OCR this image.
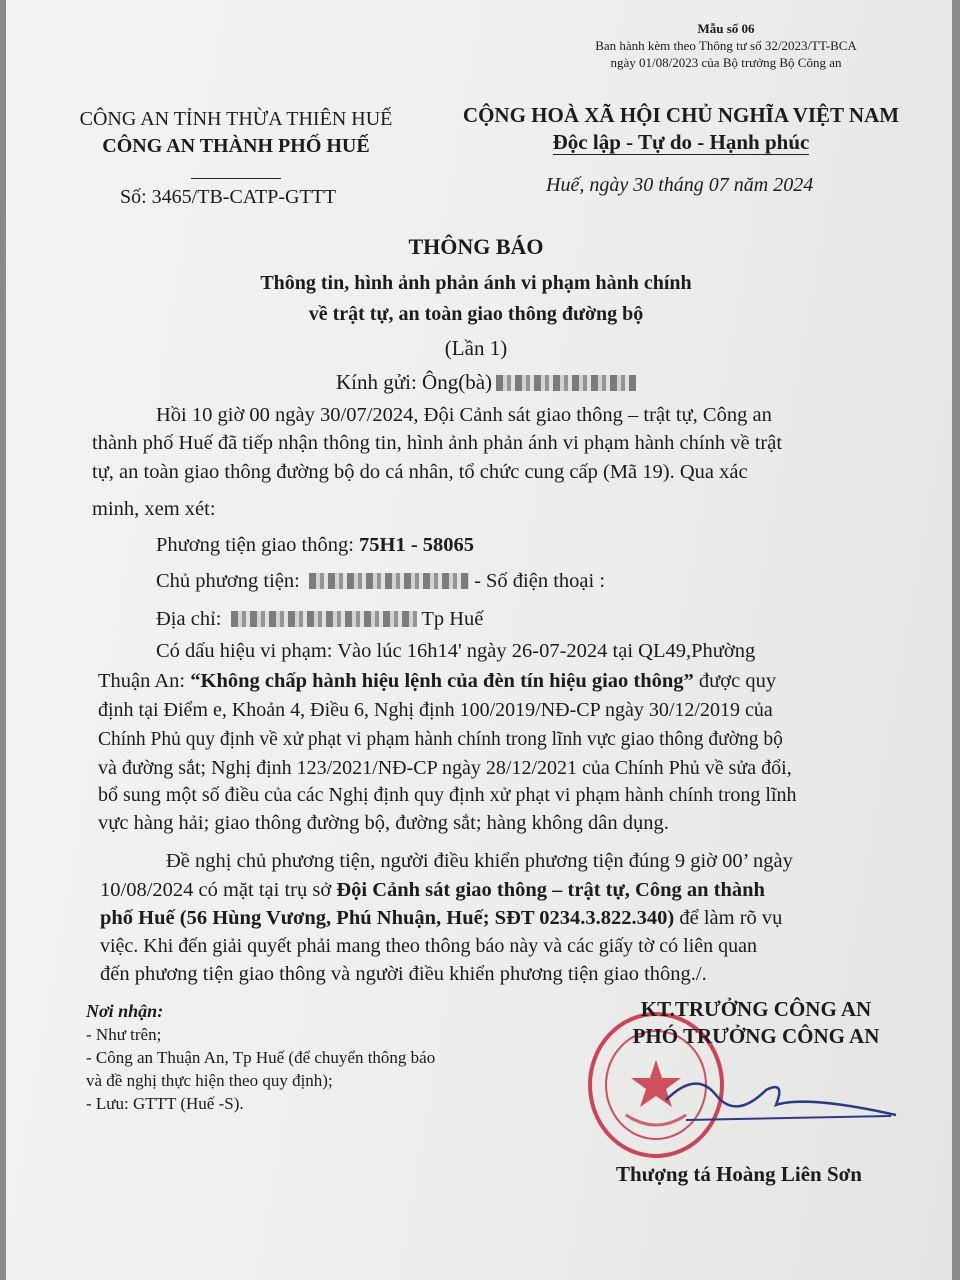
Mẫu số 06
Ban hành kèm theo Thông tư số 32/2023/TT-BCA
ngày 01/08/2023 của Bộ trưởng Bộ Công an
CÔNG AN TỈNH THỪA THIÊN HUẾ
CÔNG AN THÀNH PHỐ HUẾ
CỘNG HOÀ XÃ HỘI CHỦ NGHĨA VIỆT NAM
Độc lập - Tự do - Hạnh phúc
Số: 3465/TB-CATP-GTTT
Huế, ngày 30 tháng 07 năm 2024
THÔNG BÁO
Thông tin, hình ảnh phản ánh vi phạm hành chính
về trật tự, an toàn giao thông đường bộ
(Lần 1)
Kính gửi: Ông(bà)
Hồi 10 giờ 00 ngày 30/07/2024, Đội Cảnh sát giao thông – trật tự, Công an
thành phố Huế đã tiếp nhận thông tin, hình ảnh phản ánh vi phạm hành chính về trật
tự, an toàn giao thông đường bộ do cá nhân, tổ chức cung cấp (Mã 19). Qua xác
minh, xem xét:
Phương tiện giao thông: 75H1 - 58065
Chủ phương tiện:	- Số điện thoại :
Địa chỉ:	Tp Huế
Có dấu hiệu vi phạm: Vào lúc 16h14' ngày 26-07-2024 tại QL49,Phường
Thuận An: “Không chấp hành hiệu lệnh của đèn tín hiệu giao thông” được quy
định tại Điểm e, Khoản 4, Điều 6, Nghị định 100/2019/NĐ-CP ngày 30/12/2019 của
Chính Phủ quy định về xử phạt vi phạm hành chính trong lĩnh vực giao thông đường bộ
và đường sắt; Nghị định 123/2021/NĐ-CP ngày 28/12/2021 của Chính Phủ về sửa đổi,
bổ sung một số điều của các Nghị định quy định xử phạt vi phạm hành chính trong lĩnh
vực hàng hải; giao thông đường bộ, đường sắt; hàng không dân dụng.
Đề nghị chủ phương tiện, người điều khiển phương tiện đúng 9 giờ 00’ ngày
10/08/2024 có mặt tại trụ sở Đội Cảnh sát giao thông – trật tự, Công an thành
phố Huế (56 Hùng Vương, Phú Nhuận, Huế; SĐT 0234.3.822.340) để làm rõ vụ
việc. Khi đến giải quyết phải mang theo thông báo này và các giấy tờ có liên quan
đến phương tiện giao thông và người điều khiển phương tiện giao thông./.
Nơi nhận:
- Như trên;
- Công an Thuận An, Tp Huế (để chuyển thông báo
và đề nghị thực hiện theo quy định);
- Lưu: GTTT (Huế -S).
KT.TRƯỞNG CÔNG AN
PHÓ TRƯỞNG CÔNG AN
Thượng tá Hoàng Liên Sơn
